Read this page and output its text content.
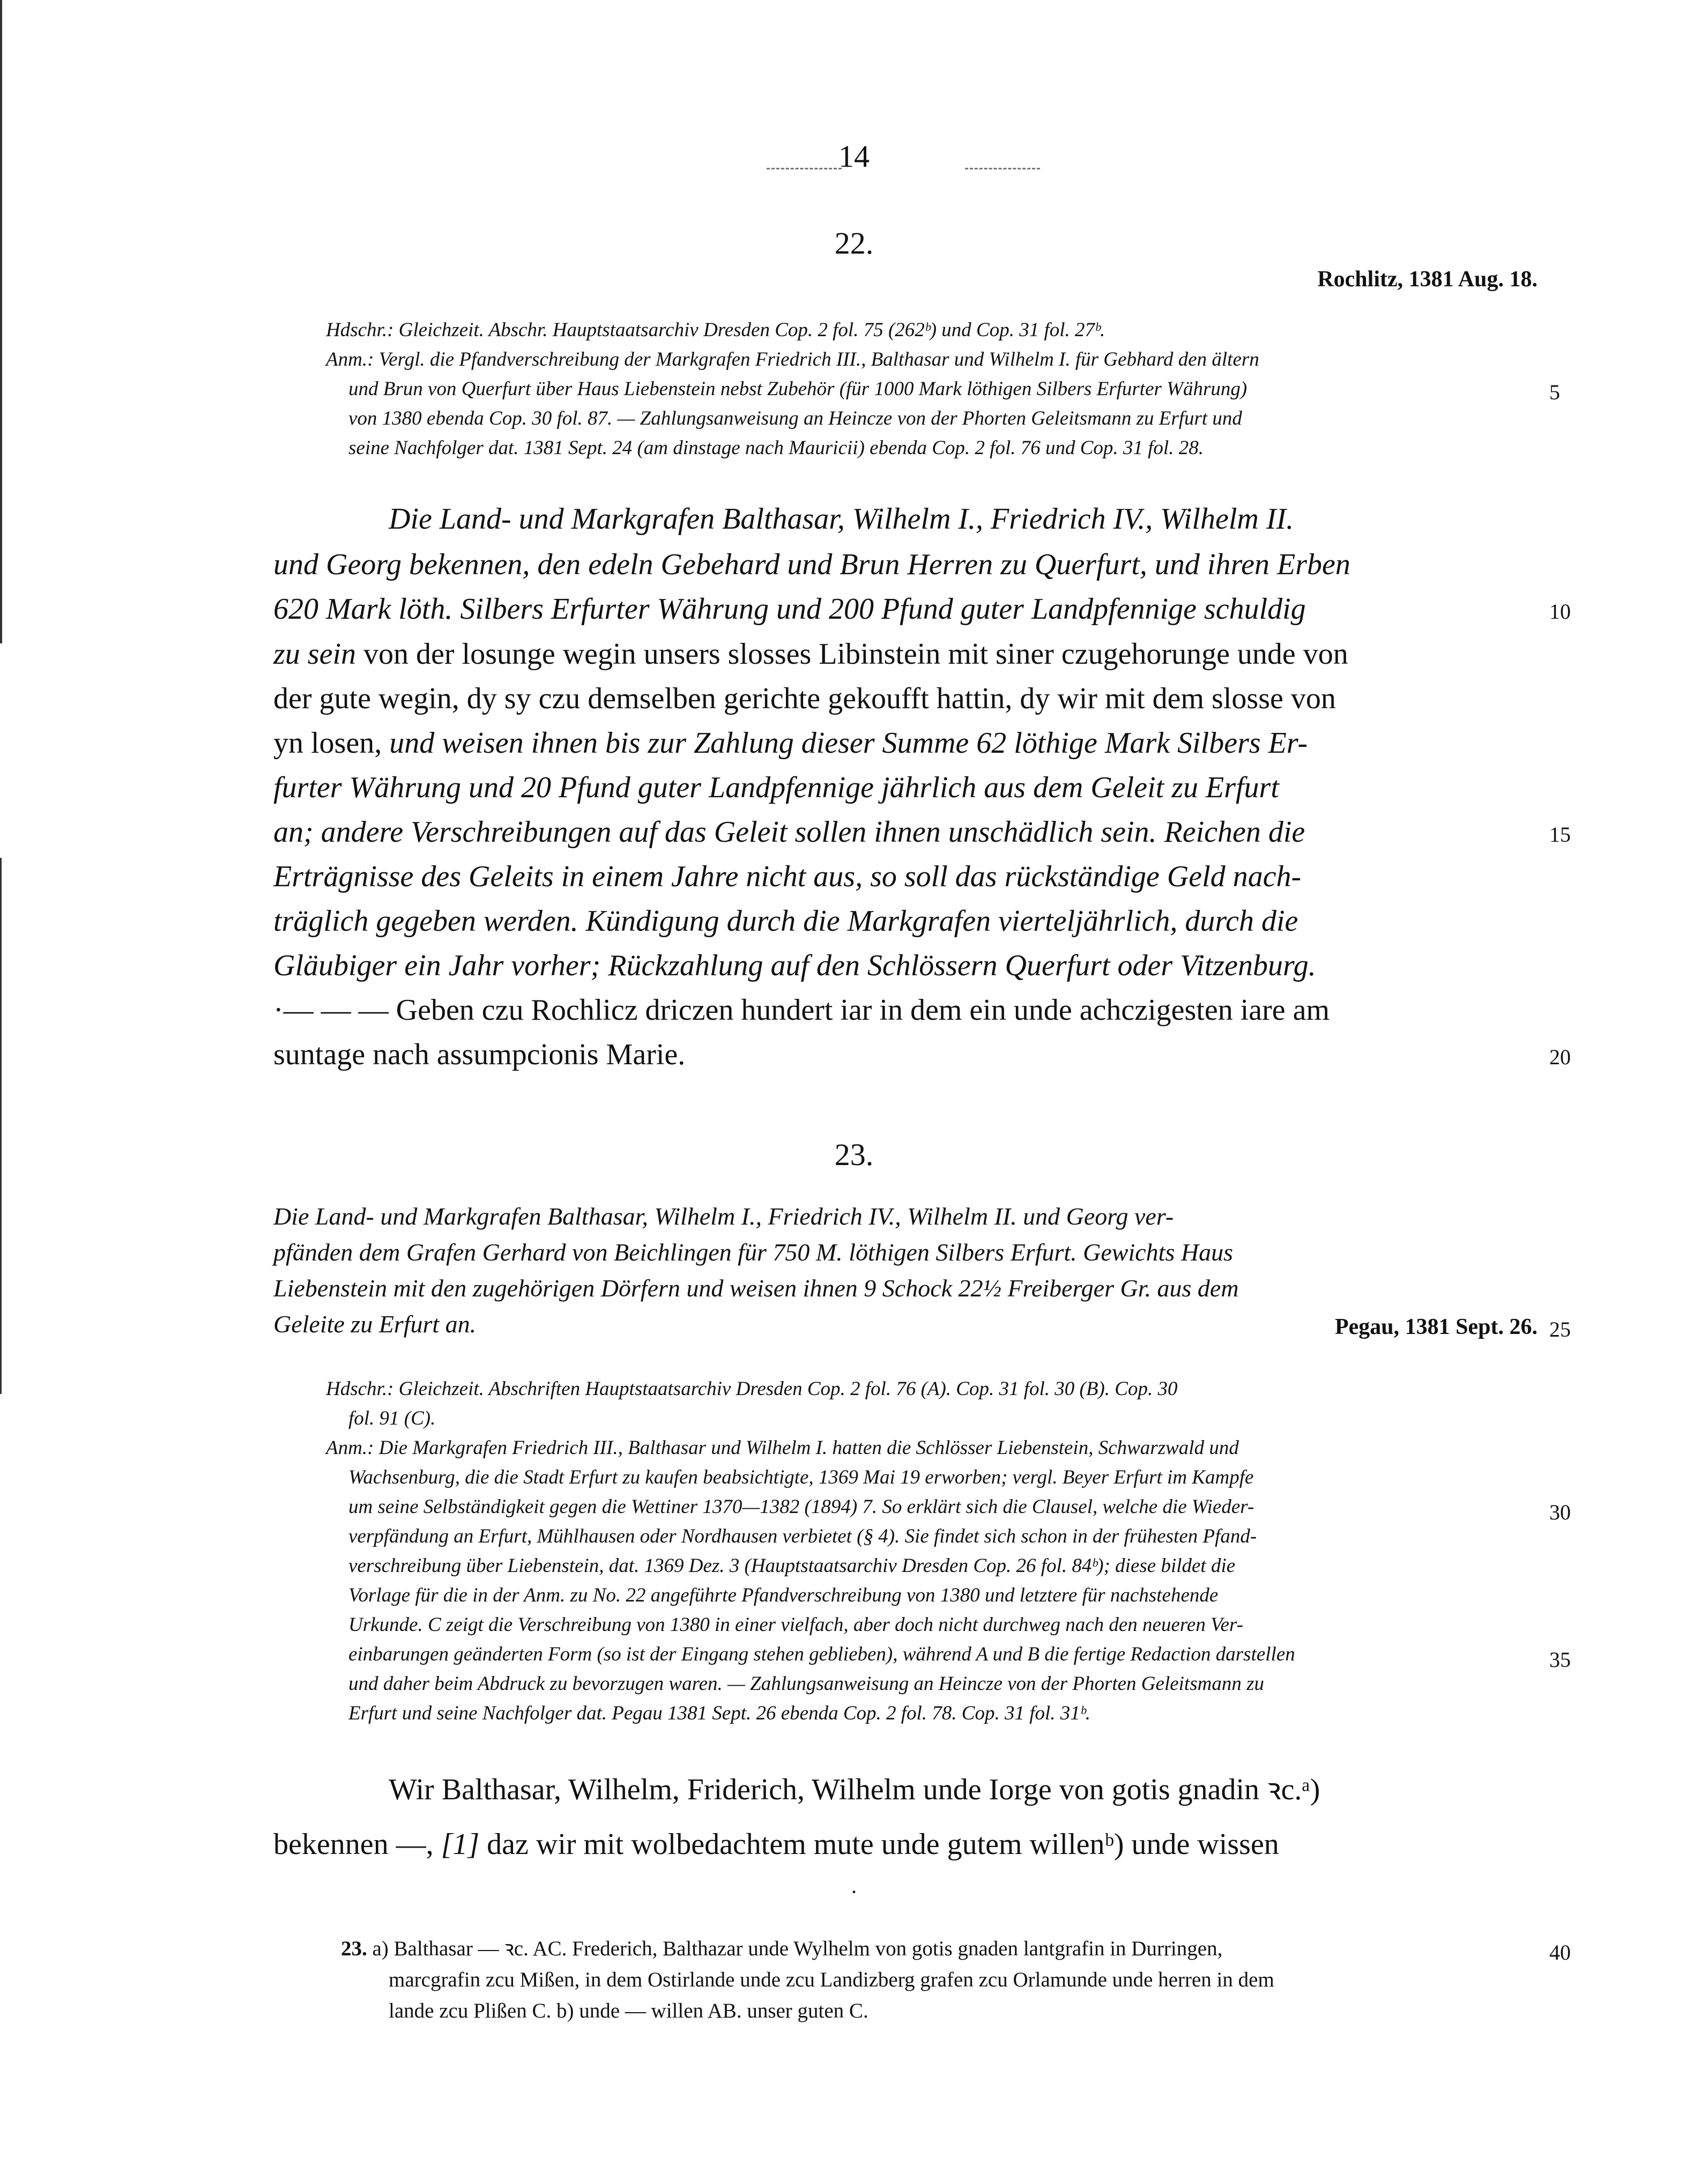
14
22.
Rochlitz, 1381 Aug. 18.
Hdschr.: Gleichzeit. Abschr. Hauptstaatsarchiv Dresden Cop. 2 fol. 75 (262ᵇ) und Cop. 31 fol. 27ᵇ.
Anm.: Vergl. die Pfandverschreibung der Markgrafen Friedrich III., Balthasar und Wilhelm I. für Gebhard den ältern
und Brun von Querfurt über Haus Liebenstein nebst Zubehör (für 1000 Mark löthigen Silbers Erfurter Währung)
von 1380 ebenda Cop. 30 fol. 87. — Zahlungsanweisung an Heincze von der Phorten Geleitsmann zu Erfurt und
seine Nachfolger dat. 1381 Sept. 24 (am dinstage nach Mauricii) ebenda Cop. 2 fol. 76 und Cop. 31 fol. 28.
Die Land- und Markgrafen Balthasar, Wilhelm I., Friedrich IV., Wilhelm II.
und Georg bekennen, den edeln Gebehard und Brun Herren zu Querfurt, und ihren Erben
620 Mark löth. Silbers Erfurter Währung und 200 Pfund guter Landpfennige schuldig
zu sein von der losunge wegin unsers slosses Libinstein mit siner czugehorunge unde von
der gute wegin, dy sy czu demselben gerichte gekoufft hattin, dy wir mit dem slosse von
yn losen, und weisen ihnen bis zur Zahlung dieser Summe 62 löthige Mark Silbers Er-
furter Währung und 20 Pfund guter Landpfennige jährlich aus dem Geleit zu Erfurt
an; andere Verschreibungen auf das Geleit sollen ihnen unschädlich sein. Reichen die
Erträgnisse des Geleits in einem Jahre nicht aus, so soll das rückständige Geld nach-
träglich gegeben werden. Kündigung durch die Markgrafen vierteljährlich, durch die
Gläubiger ein Jahr vorher; Rückzahlung auf den Schlössern Querfurt oder Vitzenburg.
·— — — Geben czu Rochlicz driczen hundert iar in dem ein unde achczigesten iare am
suntage nach assumpcionis Marie.
23.
Die Land- und Markgrafen Balthasar, Wilhelm I., Friedrich IV., Wilhelm II. und Georg ver-
pfänden dem Grafen Gerhard von Beichlingen für 750 M. löthigen Silbers Erfurt. Gewichts Haus
Liebenstein mit den zugehörigen Dörfern und weisen ihnen 9 Schock 22½ Freiberger Gr. aus dem
Geleite zu Erfurt an.	Pegau, 1381 Sept. 26.
Hdschr.: Gleichzeit. Abschriften Hauptstaatsarchiv Dresden Cop. 2 fol. 76 (A). Cop. 31 fol. 30 (B). Cop. 30
fol. 91 (C).
Anm.: Die Markgrafen Friedrich III., Balthasar und Wilhelm I. hatten die Schlösser Liebenstein, Schwarzwald und
Wachsenburg, die die Stadt Erfurt zu kaufen beabsichtigte, 1369 Mai 19 erworben; vergl. Beyer Erfurt im Kampfe
um seine Selbständigkeit gegen die Wettiner 1370—1382 (1894) 7. So erklärt sich die Clausel, welche die Wieder-
verpfändung an Erfurt, Mühlhausen oder Nordhausen verbietet (§ 4). Sie findet sich schon in der frühesten Pfand-
verschreibung über Liebenstein, dat. 1369 Dez. 3 (Hauptstaatsarchiv Dresden Cop. 26 fol. 84ᵇ); diese bildet die
Vorlage für die in der Anm. zu No. 22 angeführte Pfandverschreibung von 1380 und letztere für nachstehende
Urkunde. C zeigt die Verschreibung von 1380 in einer vielfach, aber doch nicht durchweg nach den neueren Ver-
einbarungen geänderten Form (so ist der Eingang stehen geblieben), während A und B die fertige Redaction darstellen
und daher beim Abdruck zu bevorzugen waren. — Zahlungsanweisung an Heincze von der Phorten Geleitsmann zu
Erfurt und seine Nachfolger dat. Pegau 1381 Sept. 26 ebenda Cop. 2 fol. 78. Cop. 31 fol. 31ᵇ.
Wir Balthasar, Wilhelm, Friderich, Wilhelm unde Iorge von gotis gnadin ꝛc.ᵃ)
bekennen —, [1] daz wir mit wolbedachtem mute unde gutem willenᵇ) unde wissen
·
23. a) Balthasar — ꝛc. AC. Frederich, Balthazar unde Wylhelm von gotis gnaden lantgrafin in Durringen,
marcgrafin zcu Mißen, in dem Ostirlande unde zcu Landizberg grafen zcu Orlamunde unde herren in dem
lande zcu Plißen C. b) unde — willen AB. unser guten C.
5
10
15
20
25
30
35
40
